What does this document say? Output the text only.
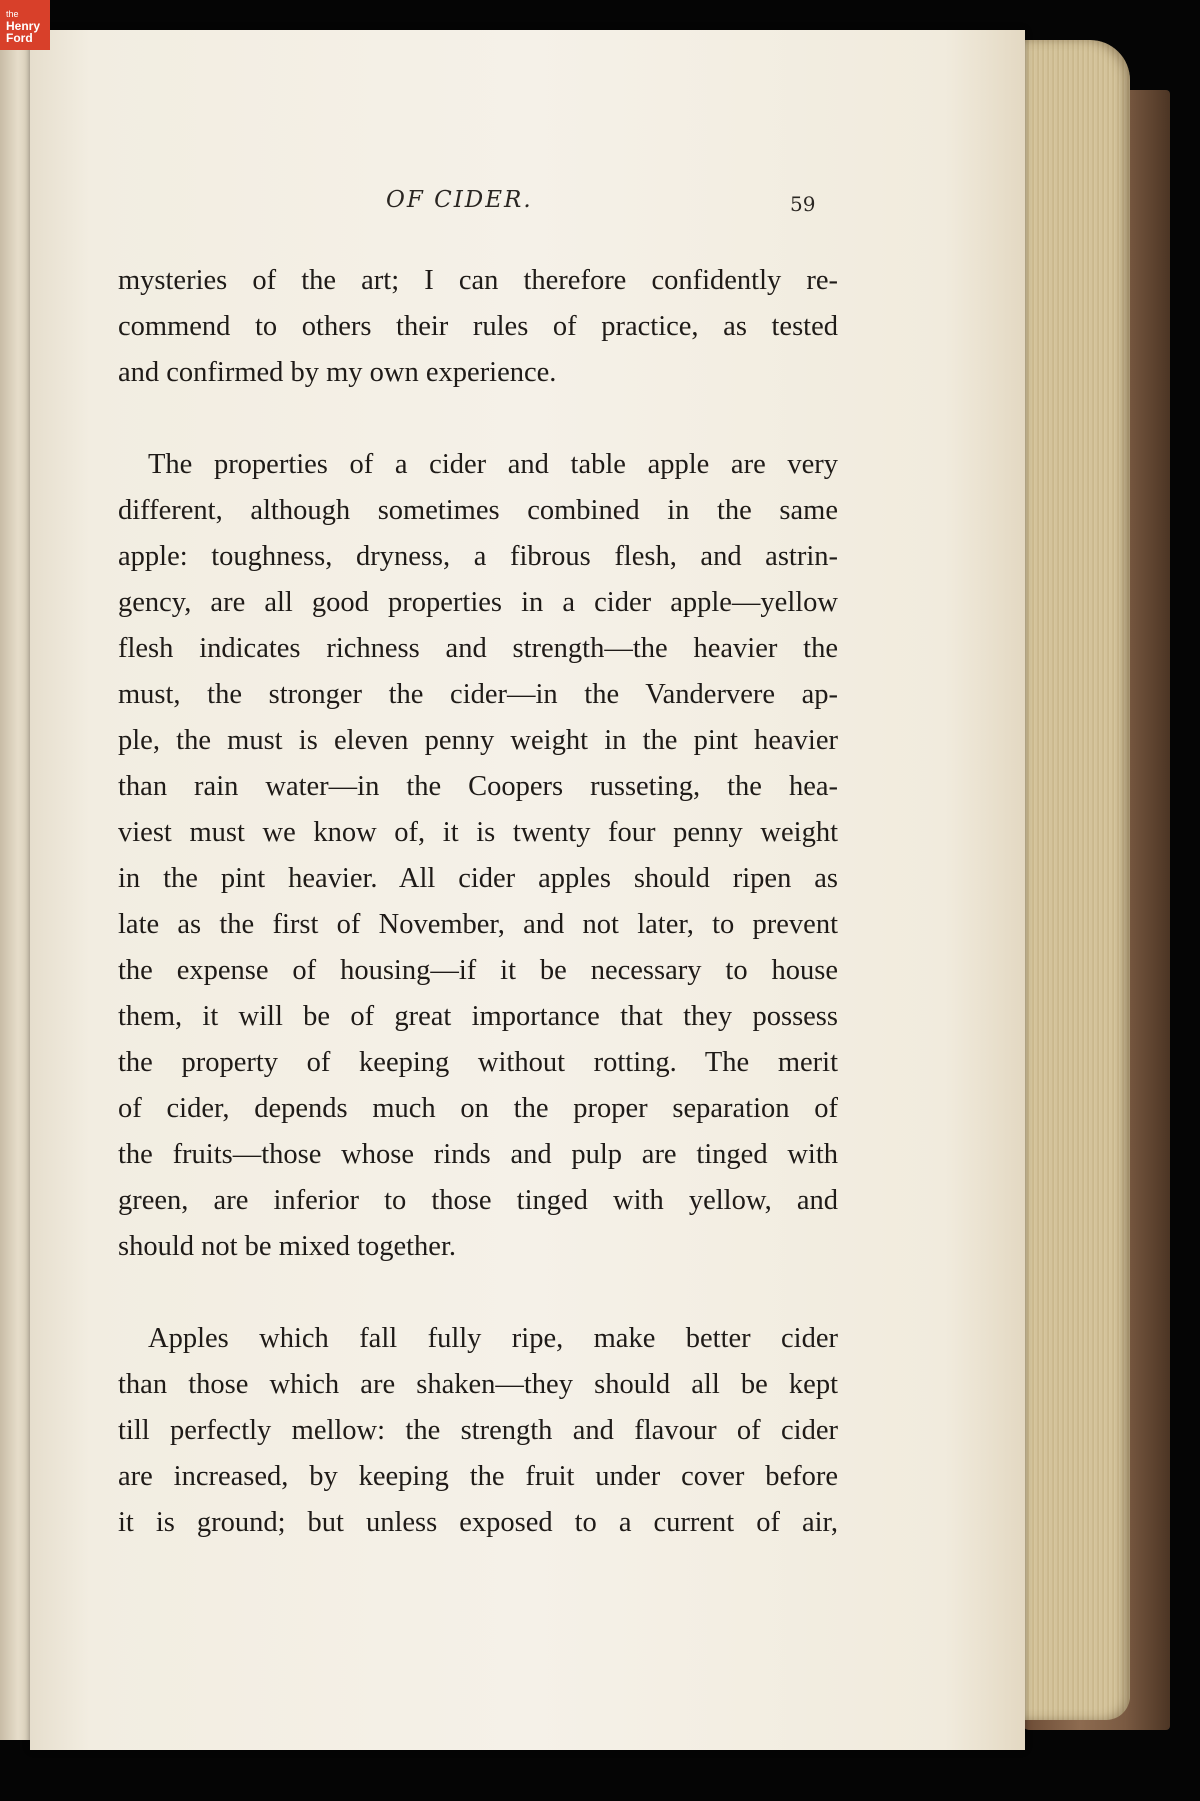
OF CIDER.	59

mysteries of the art; I can therefore confidently re-
commend to others their rules of practice, as tested
and confirmed by my own experience.

The properties of a cider and table apple are very
different, although sometimes combined in the same
apple: toughness, dryness, a fibrous flesh, and astrin-
gency, are all good properties in a cider apple—yellow
flesh indicates richness and strength—the heavier the
must, the stronger the cider—in the Vandervere ap-
ple, the must is eleven penny weight in the pint heavier
than rain water—in the Coopers russeting, the hea-
viest must we know of, it is twenty four penny weight
in the pint heavier. All cider apples should ripen as
late as the first of November, and not later, to prevent
the expense of housing—if it be necessary to house
them, it will be of great importance that they possess
the property of keeping without rotting. The merit
of cider, depends much on the proper separation of
the fruits—those whose rinds and pulp are tinged with
green, are inferior to those tinged with yellow, and
should not be mixed together.

Apples which fall fully ripe, make better cider
than those which are shaken—they should all be kept
till perfectly mellow: the strength and flavour of cider
are increased, by keeping the fruit under cover before
it is ground; but unless exposed to a current of air,

the
Henry
Ford
